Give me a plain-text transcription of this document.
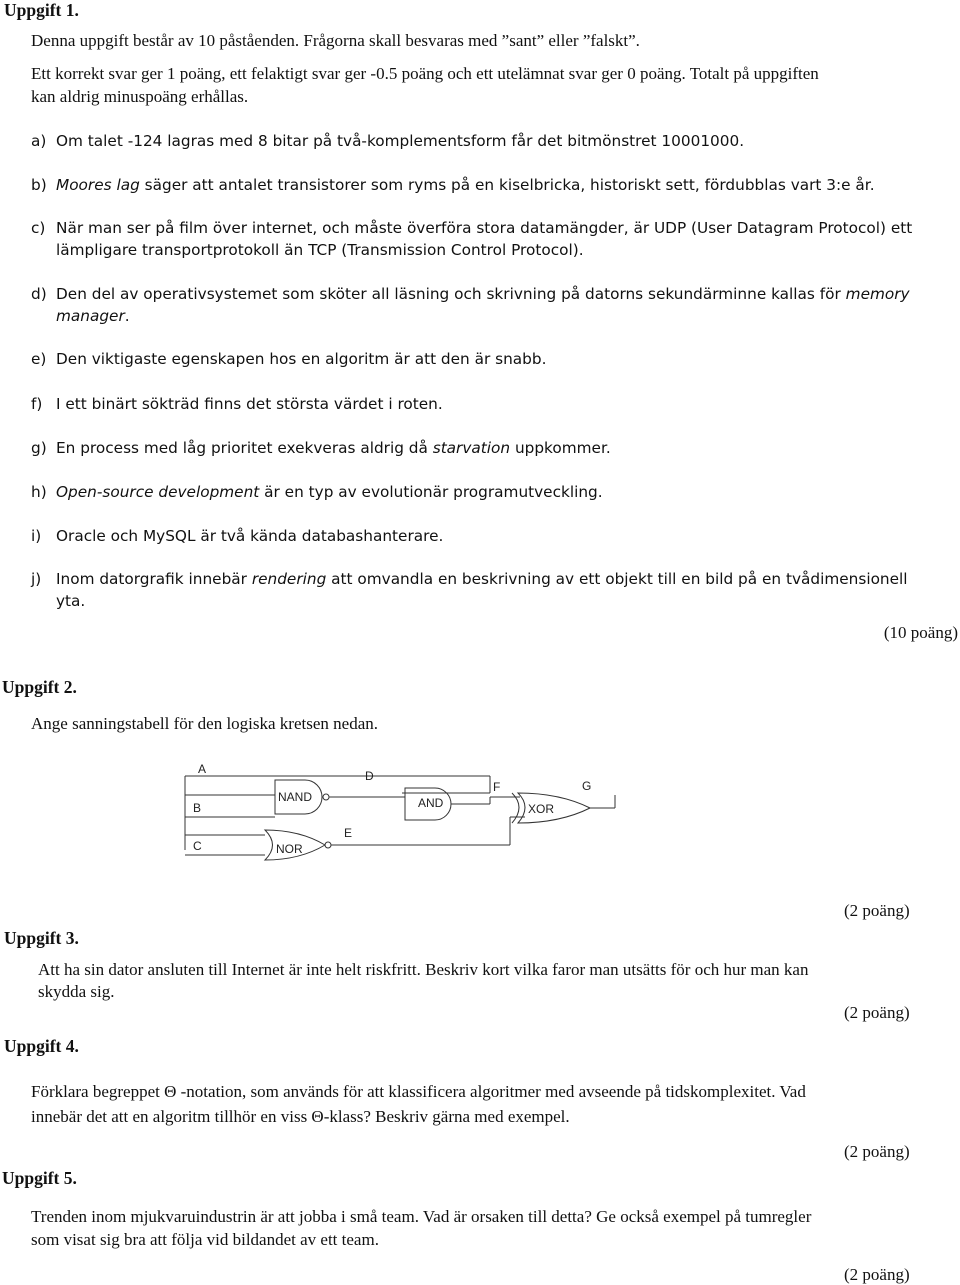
Uppgift 1.
Denna uppgift består av 10 påståenden. Frågorna skall besvaras med ”sant” eller ”falskt”.
Ett korrekt svar ger 1 poäng, ett felaktigt svar ger -0.5 poäng och ett utelämnat svar ger 0 poäng. Totalt på uppgiften
kan aldrig minuspoäng erhållas.
a) Om talet -124 lagras med 8 bitar på två-komplementsform får det bitmönstret 10001000.
b) Moores lag säger att antalet transistorer som ryms på en kiselbricka, historiskt sett, fördubblas vart 3:e år.
c) När man ser på film över internet, och måste överföra stora datamängder, är UDP (User Datagram Protocol) ett
lämpligare transportprotokoll än TCP (Transmission Control Protocol).
d) Den del av operativsystemet som sköter all läsning och skrivning på datorns sekundärminne kallas för memory
manager.
e) Den viktigaste egenskapen hos en algoritm är att den är snabb.
f) I ett binärt sökträd finns det största värdet i roten.
g) En process med låg prioritet exekveras aldrig då starvation uppkommer.
h) Open-source development är en typ av evolutionär programutveckling.
i) Oracle och MySQL är två kända databashanterare.
j) Inom datorgrafik innebär rendering att omvandla en beskrivning av ett objekt till en bild på en tvådimensionell
yta.
(10 poäng)
Uppgift 2.
Ange sanningstabell för den logiska kretsen nedan.
A
B
C
D
E
F	G
NAND
NOR
AND	XOR
(2 poäng)
Uppgift 3.
Att ha sin dator ansluten till Internet är inte helt riskfritt. Beskriv kort vilka faror man utsätts för och hur man kan
skydda sig.
(2 poäng)
Uppgift 4.
Förklara begreppet Θ -notation, som används för att klassificera algoritmer med avseende på tidskomplexitet. Vad
innebär det att en algoritm tillhör en viss Θ-klass? Beskriv gärna med exempel.
(2 poäng)
Uppgift 5.
Trenden inom mjukvaruindustrin är att jobba i små team. Vad är orsaken till detta? Ge också exempel på tumregler
som visat sig bra att följa vid bildandet av ett team.
(2 poäng)
